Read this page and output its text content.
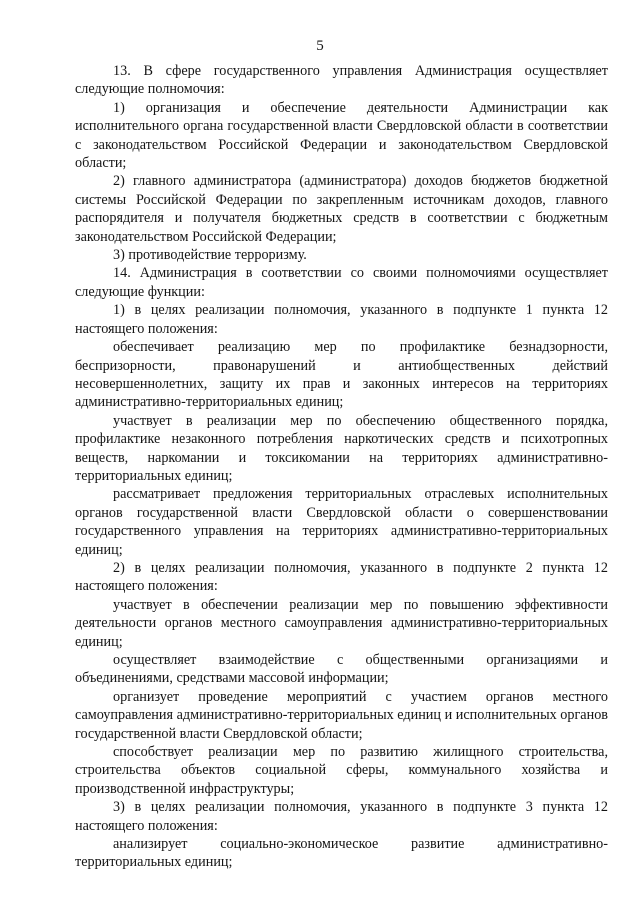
5

13. В сфере государственного управления Администрация осуществляет следующие полномочия:

1) организация и обеспечение деятельности Администрации как исполнительного органа государственной власти Свердловской области в соответствии с законодательством Российской Федерации и законодательством Свердловской области;

2) главного администратора (администратора) доходов бюджетов бюджетной системы Российской Федерации по закрепленным источникам доходов, главного распорядителя и получателя бюджетных средств в соответствии с бюджетным законодательством Российской Федерации;

3) противодействие терроризму.

14. Администрация в соответствии со своими полномочиями осуществляет следующие функции:

1) в целях реализации полномочия, указанного в подпункте 1 пункта 12 настоящего положения:

обеспечивает реализацию мер по профилактике безнадзорности, беспризорности, правонарушений и антиобщественных действий несовершеннолетних, защиту их прав и законных интересов на территориях административно-территориальных единиц;

участвует в реализации мер по обеспечению общественного порядка, профилактике незаконного потребления наркотических средств и психотропных веществ, наркомании и токсикомании на территориях административно-территориальных единиц;

рассматривает предложения территориальных отраслевых исполнительных органов государственной власти Свердловской области о совершенствовании государственного управления на территориях административно-территориальных единиц;

2) в целях реализации полномочия, указанного в подпункте 2 пункта 12 настоящего положения:

участвует в обеспечении реализации мер по повышению эффективности деятельности органов местного самоуправления административно-территориальных единиц;

осуществляет взаимодействие с общественными организациями и объединениями, средствами массовой информации;

организует проведение мероприятий с участием органов местного самоуправления административно-территориальных единиц и исполнительных органов государственной власти Свердловской области;

способствует реализации мер по развитию жилищного строительства, строительства объектов социальной сферы, коммунального хозяйства и производственной инфраструктуры;

3) в целях реализации полномочия, указанного в подпункте 3 пункта 12 настоящего положения:

анализирует социально-экономическое развитие административно-территориальных единиц;
